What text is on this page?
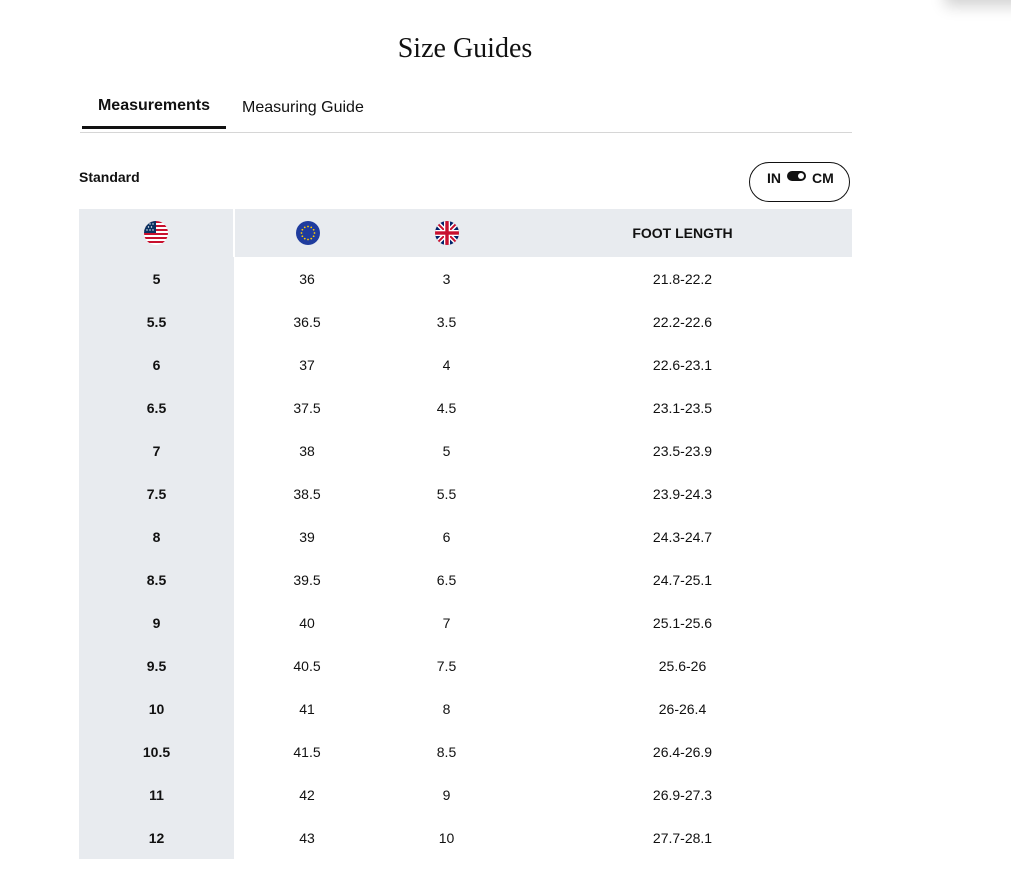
Size Guides
Measurements	Measuring Guide
Standard	IN CM
			FOOT LENGTH
5	36	3	21.8-22.2
5.5	36.5	3.5	22.2-22.6
6	37	4	22.6-23.1
6.5	37.5	4.5	23.1-23.5
7	38	5	23.5-23.9
7.5	38.5	5.5	23.9-24.3
8	39	6	24.3-24.7
8.5	39.5	6.5	24.7-25.1
9	40	7	25.1-25.6
9.5	40.5	7.5	25.6-26
10	41	8	26-26.4
10.5	41.5	8.5	26.4-26.9
11	42	9	26.9-27.3
12	43	10	27.7-28.1
